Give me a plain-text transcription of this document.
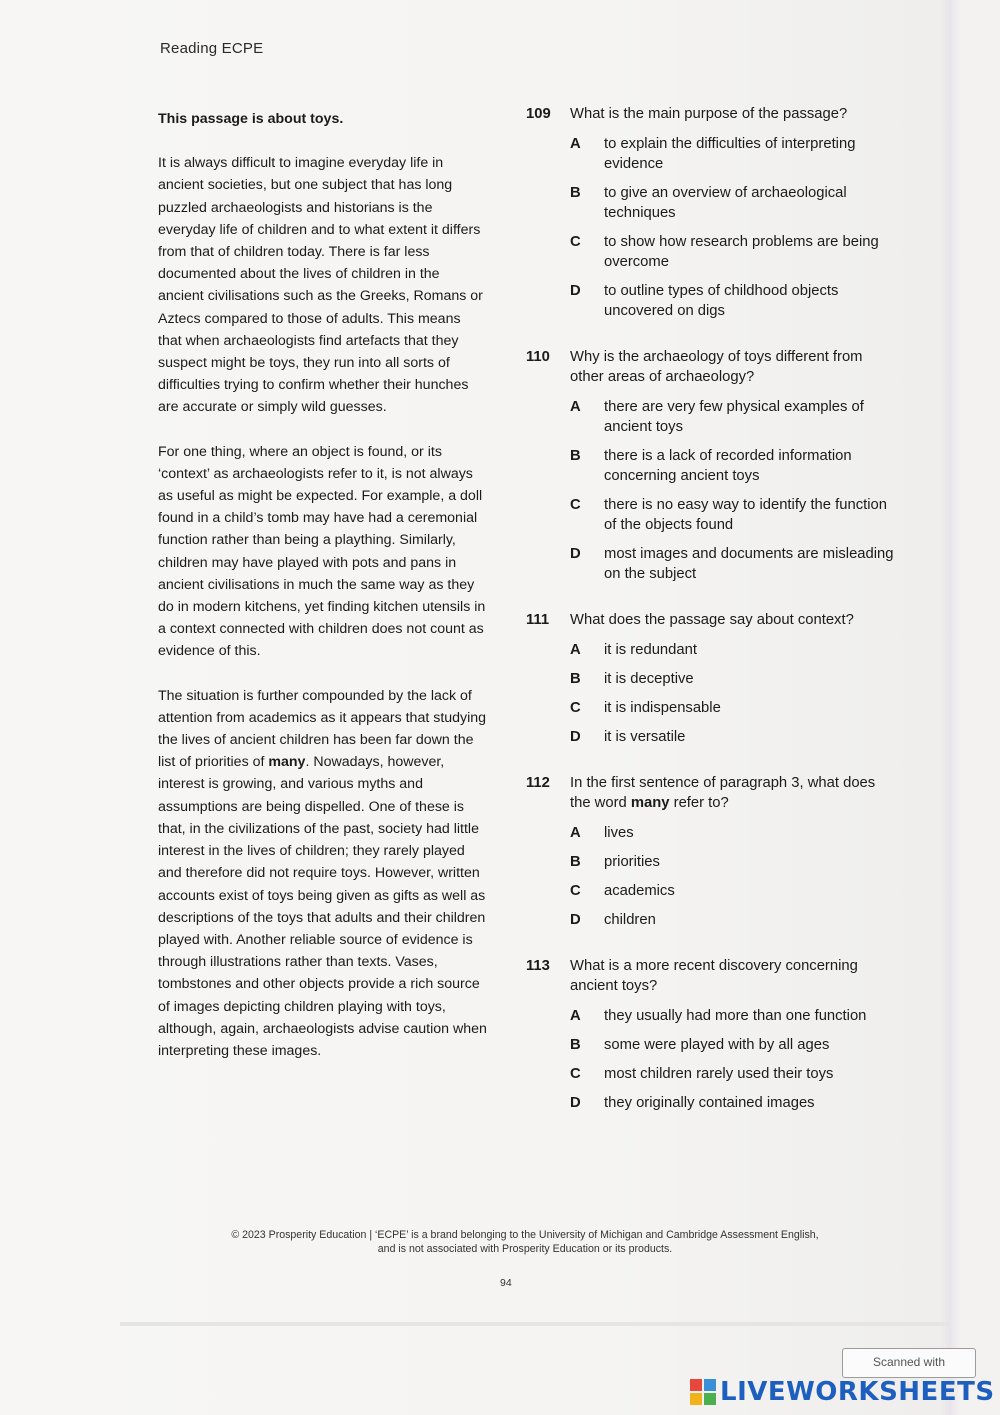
Reading ECPE
This passage is about toys.

It is always difficult to imagine everyday life in ancient societies, but one subject that has long puzzled archaeologists and historians is the everyday life of children and to what extent it differs from that of children today. There is far less documented about the lives of children in the ancient civilisations such as the Greeks, Romans or Aztecs compared to those of adults. This means that when archaeologists find artefacts that they suspect might be toys, they run into all sorts of difficulties trying to confirm whether their hunches are accurate or simply wild guesses.

For one thing, where an object is found, or its ‘context’ as archaeologists refer to it, is not always as useful as might be expected. For example, a doll found in a child’s tomb may have had a ceremonial function rather than being a plaything. Similarly, children may have played with pots and pans in ancient civilisations in much the same way as they do in modern kitchens, yet finding kitchen utensils in a context connected with children does not count as evidence of this.

The situation is further compounded by the lack of attention from academics as it appears that studying the lives of ancient children has been far down the list of priorities of many. Nowadays, however, interest is growing, and various myths and assumptions are being dispelled. One of these is that, in the civilizations of the past, society had little interest in the lives of children; they rarely played and therefore did not require toys. However, written accounts exist of toys being given as gifts as well as descriptions of the toys that adults and their children played with. Another reliable source of evidence is through illustrations rather than texts. Vases, tombstones and other objects provide a rich source of images depicting children playing with toys, although, again, archaeologists advise caution when interpreting these images.

109	What is the main purpose of the passage?
A	to explain the difficulties of interpreting evidence
B	to give an overview of archaeological techniques
C	to show how research problems are being overcome
D	to outline types of childhood objects uncovered on digs
110	Why is the archaeology of toys different from other areas of archaeology?
A	there are very few physical examples of ancient toys
B	there is a lack of recorded information concerning ancient toys
C	there is no easy way to identify the function of the objects found
D	most images and documents are misleading on the subject
111	What does the passage say about context?
A	it is redundant
B	it is deceptive
C	it is indispensable
D	it is versatile
112	In the first sentence of paragraph 3, what does the word many refer to?
A	lives
B	priorities
C	academics
D	children
113	What is a more recent discovery concerning ancient toys?
A	they usually had more than one function
B	some were played with by all ages
C	most children rarely used their toys
D	they originally contained images
© 2023 Prosperity Education | ‘ECPE’ is a brand belonging to the University of Michigan and Cambridge Assessment English,
and is not associated with Prosperity Education or its products.
94
Scanned with
LIVEWORKSHEETS
